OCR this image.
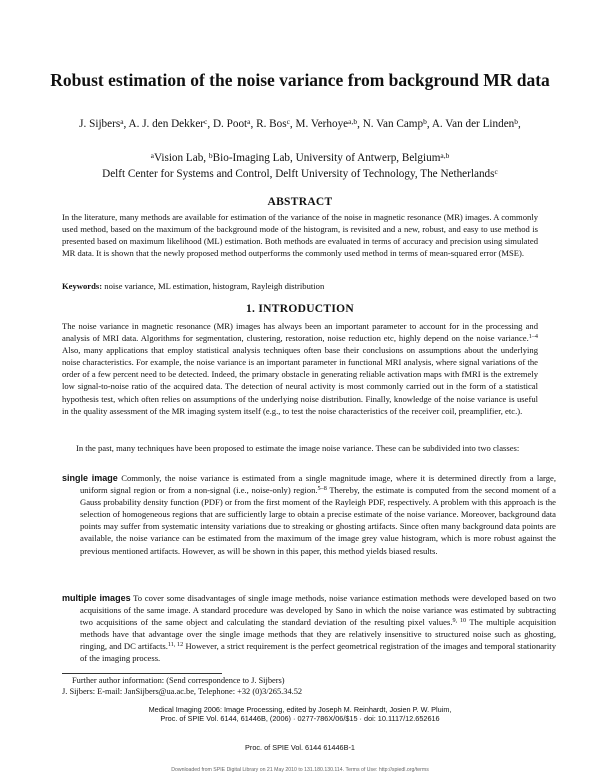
Robust estimation of the noise variance from background MR data
J. Sijbers$^a$, A. J. den Dekker$^c$, D. Poot$^a$, R. Bos$^c$, M. Verhoye$^{a,b}$, N. Van Camp$^b$, A. Van der Linden$^b$,
$^a$Vision Lab, $^b$Bio-Imaging Lab, University of Antwerp, Belgium$^{a,b}$
Delft Center for Systems and Control, Delft University of Technology, The Netherlands$^c$
ABSTRACT
In the literature, many methods are available for estimation of the variance of the noise in magnetic resonance (MR) images. A commonly used method, based on the maximum of the background mode of the histogram, is revisited and a new, robust, and easy to use method is presented based on maximum likelihood (ML) estimation. Both methods are evaluated in terms of accuracy and precision using simulated MR data. It is shown that the newly proposed method outperforms the commonly used method in terms of mean-squared error (MSE).
Keywords: noise variance, ML estimation, histogram, Rayleigh distribution
1. INTRODUCTION
The noise variance in magnetic resonance (MR) images has always been an important parameter to account for in the processing and analysis of MRI data. Algorithms for segmentation, clustering, restoration, noise reduction etc, highly depend on the noise variance.$^{1-4}$ Also, many applications that employ statistical analysis techniques often base their conclusions on assumptions about the underlying noise characteristics. For example, the noise variance is an important parameter in functional MRI analysis, where signal variations of the order of a few percent need to be detected. Indeed, the primary obstacle in generating reliable activation maps with fMRI is the extremely low signal-to-noise ratio of the acquired data. The detection of neural activity is most commonly carried out in the form of a statistical hypothesis test, which often relies on assumptions of the underlying noise distribution. Finally, knowledge of the noise variance is useful in the quality assessment of the MR imaging system itself (e.g., to test the noise characteristics of the receiver coil, preamplifier, etc.).
In the past, many techniques have been proposed to estimate the image noise variance. These can be subdivided into two classes:
single image Commonly, the noise variance is estimated from a single magnitude image, where it is determined directly from a large, uniform signal region or from a non-signal (i.e., noise-only) region.$^{5-8}$ Thereby, the estimate is computed from the second moment of a Gauss probability density function (PDF) or from the first moment of the Rayleigh PDF, respectively. A problem with this approach is the selection of homogeneous regions that are sufficiently large to obtain a precise estimate of the noise variance. Moreover, background data points may suffer from systematic intensity variations due to streaking or ghosting artifacts. Since often many background data points are available, the noise variance can be estimated from the maximum of the image grey value histogram, which is more robust against the previous mentioned artifacts. However, as will be shown in this paper, this method yields biased results.
multiple images To cover some disadvantages of single image methods, noise variance estimation methods were developed based on two acquisitions of the same image. A standard procedure was developed by Sano in which the noise variance was estimated by subtracting two acquisitions of the same object and calculating the standard deviation of the resulting pixel values.$^{9, 10}$ The multiple acquisition methods have that advantage over the single image methods that they are relatively insensitive to structured noise such as ghosting, ringing, and DC artifacts.$^{11, 12}$ However, a strict requirement is the perfect geometrical registration of the images and temporal stationarity of the imaging process.
Further author information: (Send correspondence to J. Sijbers)
J. Sijbers: E-mail: JanSijbers@ua.ac.be, Telephone: +32 (0)3/265.34.52
Medical Imaging 2006: Image Processing, edited by Joseph M. Reinhardt, Josien P. W. Pluim,
Proc. of SPIE Vol. 6144, 61446B, (2006) · 0277-786X/06/$15 · doi: 10.1117/12.652616
Proc. of SPIE Vol. 6144 61446B-1
Downloaded from SPIE Digital Library on 21 May 2010 to 131.180.130.114. Terms of Use: http://spiedl.org/terms
